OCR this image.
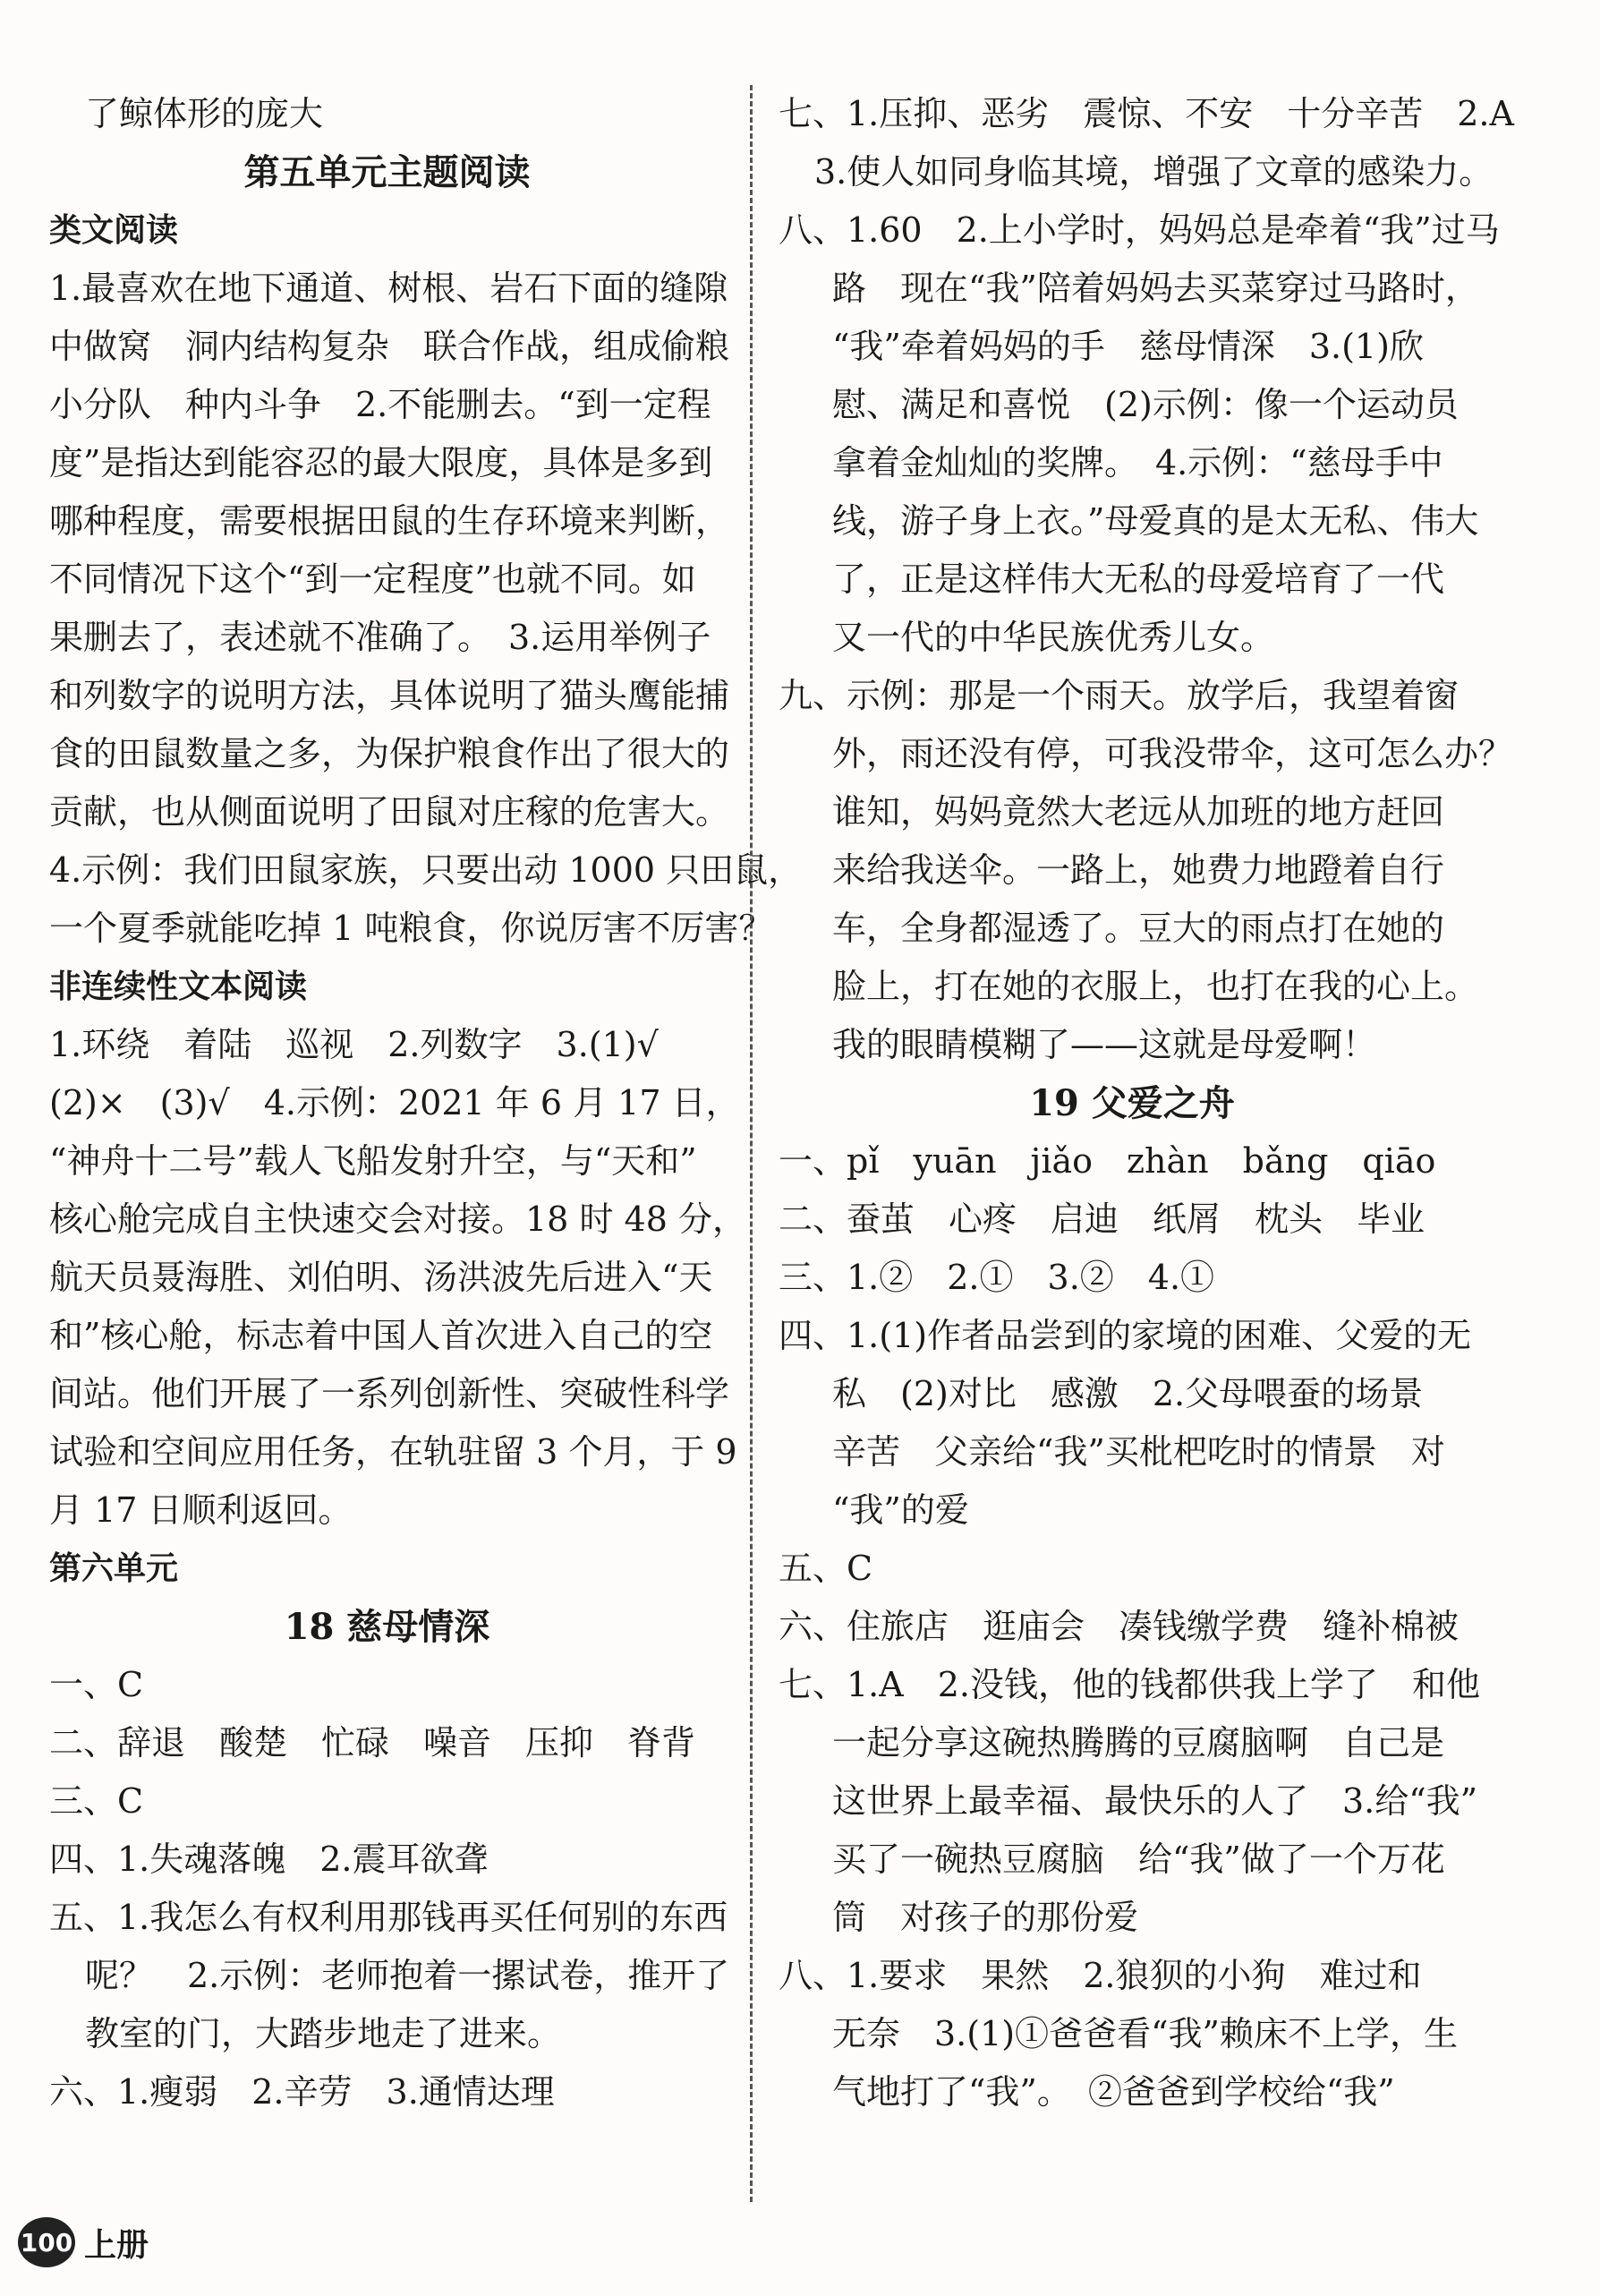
了鲸体形的庞大
第五单元主题阅读
类文阅读
1.最喜欢在地下通道、树根、岩石下面的缝隙
中做窝　洞内结构复杂　联合作战，组成偷粮
小分队　种内斗争　2.不能删去。“到一定程
度”是指达到能容忍的最大限度，具体是多到
哪种程度，需要根据田鼠的生存环境来判断，
不同情况下这个“到一定程度”也就不同。如
果删去了，表述就不准确了。　3.运用举例子
和列数字的说明方法，具体说明了猫头鹰能捕
食的田鼠数量之多，为保护粮食作出了很大的
贡献，也从侧面说明了田鼠对庄稼的危害大。
4.示例：我们田鼠家族，只要出动 1000 只田鼠，
一个夏季就能吃掉 1 吨粮食，你说厉害不厉害？
非连续性文本阅读
1.环绕　着陆　巡视　2.列数字　3.(1)√
(2)×　(3)√　4.示例：2021 年 6 月 17 日，
“神舟十二号”载人飞船发射升空，与“天和”
核心舱完成自主快速交会对接。18 时 48 分，
航天员聂海胜、刘伯明、汤洪波先后进入“天
和”核心舱，标志着中国人首次进入自己的空
间站。他们开展了一系列创新性、突破性科学
试验和空间应用任务，在轨驻留 3 个月，于 9
月 17 日顺利返回。
第六单元
18 慈母情深
一、C
二、辞退　酸楚　忙碌　噪音　压抑　脊背
三、C
四、1.失魂落魄　2.震耳欲聋
五、1.我怎么有权利用那钱再买任何别的东西
呢？　2.示例：老师抱着一摞试卷，推开了
教室的门，大踏步地走了进来。
六、1.瘦弱　2.辛劳　3.通情达理
七、1.压抑、恶劣　震惊、不安　十分辛苦　2.A
3.使人如同身临其境，增强了文章的感染力。
八、1.60　2.上小学时，妈妈总是牵着“我”过马
路　现在“我”陪着妈妈去买菜穿过马路时，
“我”牵着妈妈的手　慈母情深　3.(1)欣
慰、满足和喜悦　(2)示例：像一个运动员
拿着金灿灿的奖牌。　4.示例：“慈母手中
线，游子身上衣。”母爱真的是太无私、伟大
了，正是这样伟大无私的母爱培育了一代
又一代的中华民族优秀儿女。
九、示例：那是一个雨天。放学后，我望着窗
外，雨还没有停，可我没带伞，这可怎么办？
谁知，妈妈竟然大老远从加班的地方赶回
来给我送伞。一路上，她费力地蹬着自行
车，全身都湿透了。豆大的雨点打在她的
脸上，打在她的衣服上，也打在我的心上。
我的眼睛模糊了——这就是母爱啊！
19 父爱之舟
一、pǐ　yuān　jiǎo　zhàn　bǎng　qiāo
二、蚕茧　心疼　启迪　纸屑　枕头　毕业
三、1.②　2.①　3.②　4.①
四、1.(1)作者品尝到的家境的困难、父爱的无
私　(2)对比　感激　2.父母喂蚕的场景
辛苦　父亲给“我”买枇杷吃时的情景　对
“我”的爱
五、C
六、住旅店　逛庙会　凑钱缴学费　缝补棉被
七、1.A　2.没钱，他的钱都供我上学了　和他
一起分享这碗热腾腾的豆腐脑啊　自己是
这世界上最幸福、最快乐的人了　3.给“我”
买了一碗热豆腐脑　给“我”做了一个万花
筒　对孩子的那份爱
八、1.要求　果然　2.狼狈的小狗　难过和
无奈　3.(1)①爸爸看“我”赖床不上学，生
气地打了“我”。　②爸爸到学校给“我”
100 上册
